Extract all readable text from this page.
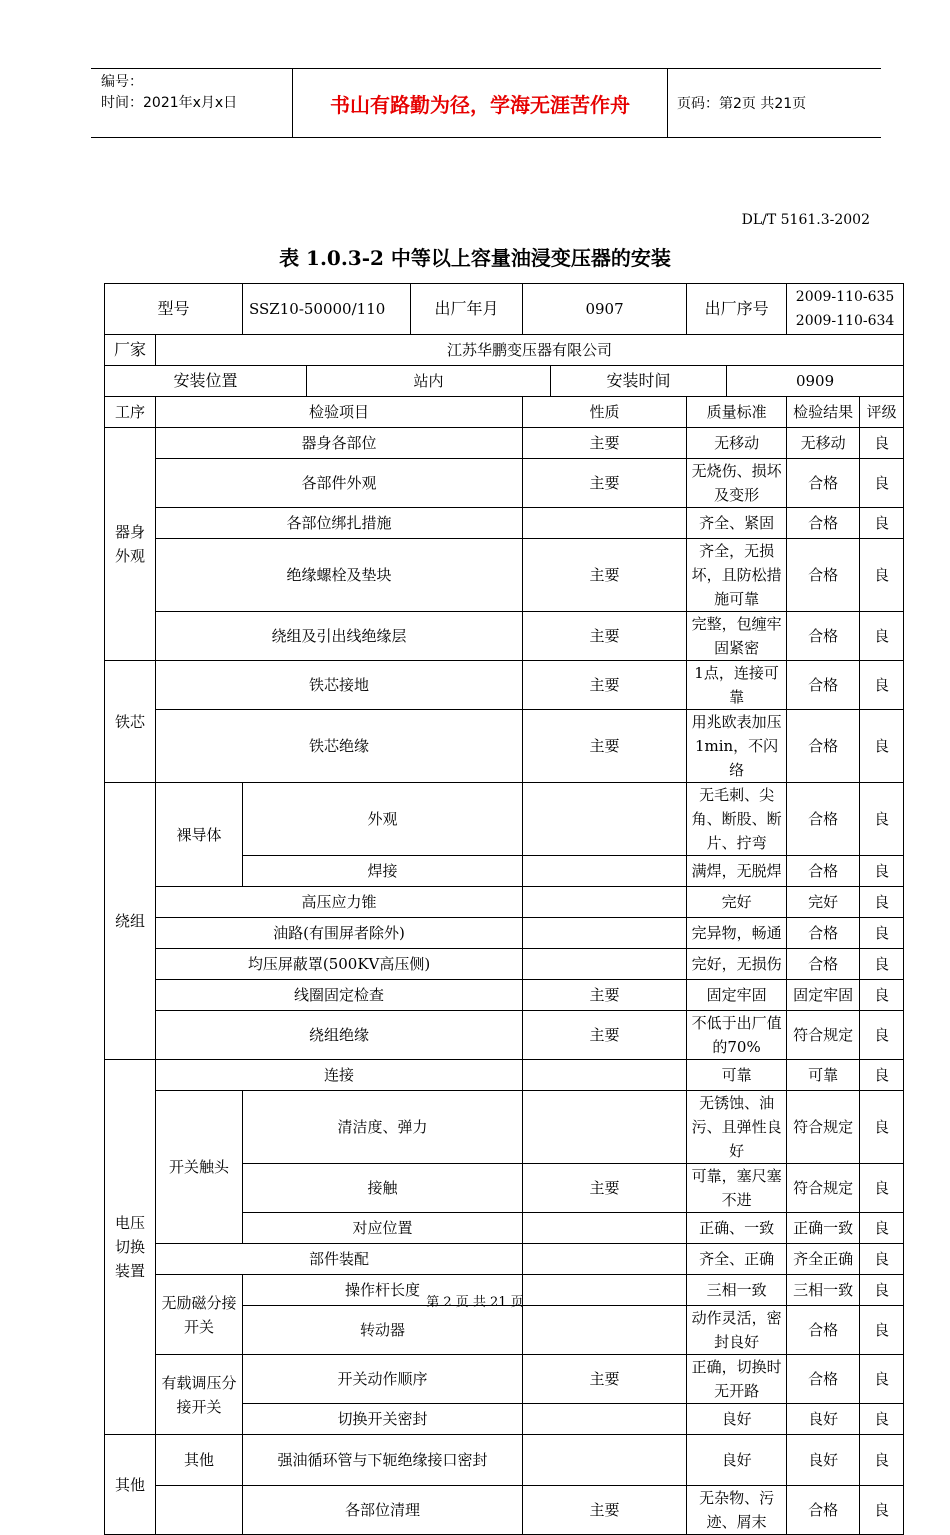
编号：
时间：2021年x月x日	书山有路勤为径，学海无涯苦作舟	页码：第2页 共21页
DL/T 5161.3-2002
表 1.0.3-2 中等以上容量油浸变压器的安装
型号		SSZ10-50000/110		出厂年月	0907		出厂序号		2009-110-635 2009-110-634	
厂家	江苏华鹏变压器有限公司									
安装位置			站内			安装时间		0909		
工序	检验项目				性质		质量标准		检验结果	评级
器身外观	器身各部位				主要		无移动		无移动	良
	各部件外观				主要		无烧伤、损坏及变形		合格	良
	各部位绑扎措施						齐全、紧固		合格	良
	绝缘螺栓及垫块				主要		齐全，无损坏，且防松措施可靠		合格	良
	绕组及引出线绝缘层				主要		完整，包缠牢固紧密		合格	良
铁芯	铁芯接地				主要		1点，连接可靠		合格	良
	铁芯绝缘				主要		用兆欧表加压1min，不闪络		合格	良
绕组	裸导体	外观					无毛刺、尖角、断股、断片、拧弯		合格	良
		焊接					满焊，无脱焊		合格	良
	高压应力锥						完好		完好	良
	油路(有围屏者除外)						完异物，畅通		合格	良
	均压屏蔽罩(500KV高压侧)						完好，无损伤		合格	良
	线圈固定检查				主要		固定牢固		固定牢固	良
	绕组绝缘				主要		不低于出厂值的70%		符合规定	良
电压切换装置	连接						可靠		可靠	良
	开关触头	清洁度、弹力					无锈蚀、油污、且弹性良好		符合规定	良
		接触			主要		可靠，塞尺塞不进		符合规定	良
		对应位置					正确、一致		正确一致	良
	部件装配						齐全、正确		齐全正确	良
	无励磁分接开关	操作杆长度					三相一致		三相一致	良
		转动器					动作灵活，密封良好		合格	良
	有载调压分接开关	开关动作顺序			主要		正确，切换时无开路		合格	良
		切换开关密封					良好		良好	良
其他	其他	强油循环管与下轭绝缘接口密封					良好		良好	良
		各部位清理			主要		无杂物、污迹、屑末		合格	良
第 2 页 共 21 页
